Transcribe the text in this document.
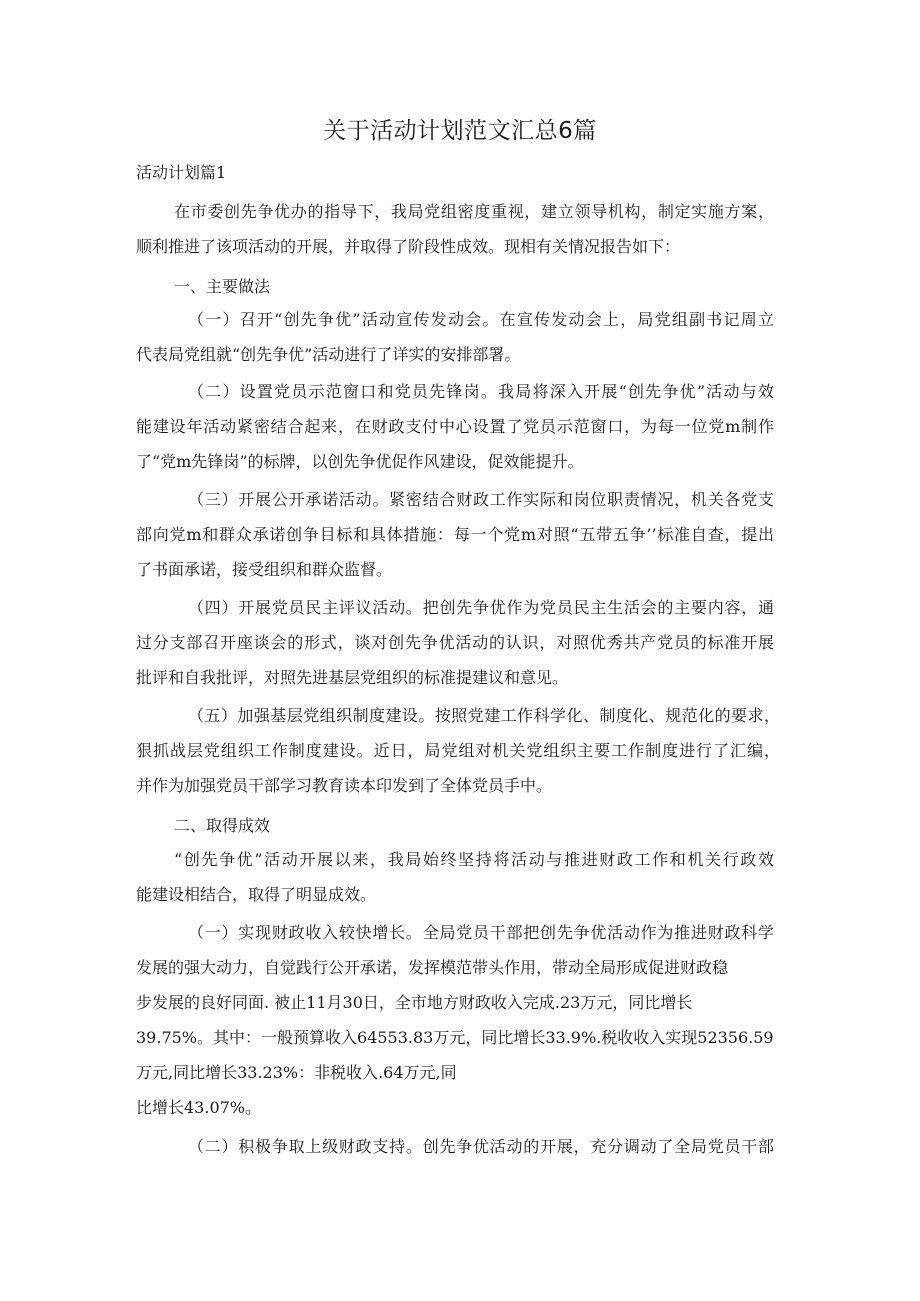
关于活动计划范文汇总6篇
活动计划篇1
在市委创先争优办的指导下，我局党组密度重视，建立领导机构，制定实施方案，
顺利推进了该项活动的开展，并取得了阶段性成效。现相有关情况报告如下：
一、主要做法
（一）召开“创先争优”活动宣传发动会。在宣传发动会上，局党组副书记周立
代表局党组就“创先争优”活动进行了详实的安排部署。
（二）设置党员示范窗口和党员先锋岗。我局将深入开展“创先争优”活动与效
能建设年活动紧密结合起来，在财政支付中心设置了党员示范窗口，为每一位党m制作
了“党m先锋岗”的标牌，以创先争优促作风建设，促效能提升。
（三）开展公开承诺活动。紧密结合财政工作实际和岗位职责情况，机关各党支
部向党m和群众承诺创争目标和具体措施：每一个党m对照“五带五争’’标准自查，提出
了书面承诺，接受组织和群众监督。
（四）开展党员民主评议活动。把创先争优作为党员民主生活会的主要内容，通
过分支部召开座谈会的形式，谈对创先争优活动的认识，对照优秀共产党员的标准开展
批评和自我批评，对照先进基层党组织的标准提建议和意见。
（五）加强基层党组织制度建设。按照党建工作科学化、制度化、规范化的要求，
狠抓战层党组织工作制度建设。近日，局党组对机关党组织主要工作制度进行了汇编，
并作为加强党员干部学习教育读本印发到了全体党员手中。
二、取得成效
“创先争优”活动开展以来，我局始终坚持将活动与推进财政工作和机关行政效
能建设相结合，取得了明显成效。
（一）实现财政收入较快增长。全局党员干部把创先争优活动作为推进财政科学
发展的强大动力，自觉践行公开承诺，发挥模范带头作用，带动全局形成促进财政稳
步发展的良好同面. 被止11月30日，全市地方财政收入完成.23万元，同比增长
39.75%。其中：一般预算收入64553.83万元，同比增长33.9%.税收收入实现52356.59
万元,同比增长33.23%：非税收入.64万元,同
比增长43.07%。
（二）积极争取上级财政支持。创先争优活动的开展，充分调动了全局党员干部
